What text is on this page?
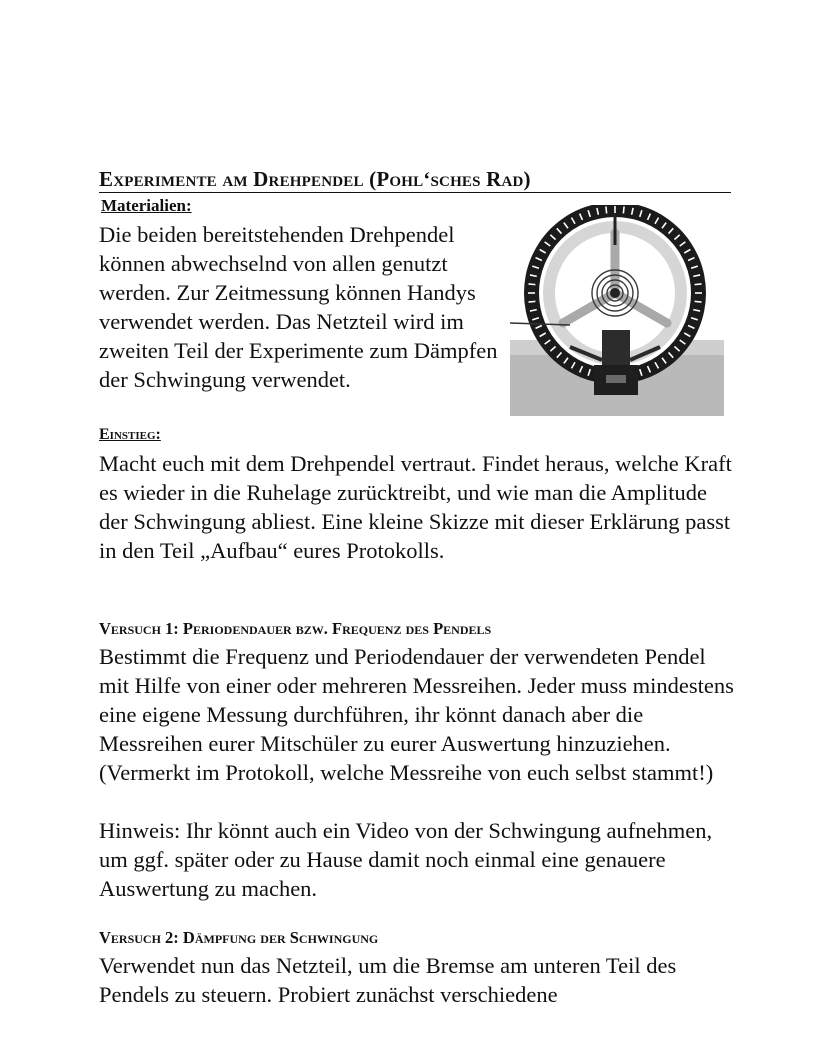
Experimente am Drehpendel (Pohl‘sches Rad)
Materialien:

Die beiden bereitstehenden Drehpendel können abwechselnd von allen genutzt werden. Zur Zeitmessung können Handys verwendet werden. Das Netzteil wird im zweiten Teil der Experimente zum Dämpfen der Schwingung verwendet.

Einstieg:

Macht euch mit dem Drehpendel vertraut. Findet heraus, welche Kraft es wieder in die Ruhelage zurücktreibt, und wie man die Amplitude der Schwingung abliest. Eine kleine Skizze mit dieser Erklärung passt in den Teil „Aufbau“ eures Protokolls.

Versuch 1: Periodendauer bzw. Frequenz des Pendels

Bestimmt die Frequenz und Periodendauer der verwendeten Pendel mit Hilfe von einer oder mehreren Messreihen. Jeder muss mindestens eine eigene Messung durchführen, ihr könnt danach aber die Messreihen eurer Mitschüler zu eurer Auswertung hinzuziehen. (Vermerkt im Protokoll, welche Messreihe von euch selbst stammt!)

Hinweis: Ihr könnt auch ein Video von der Schwingung aufnehmen, um ggf. später oder zu Hause damit noch einmal eine genauere Auswertung zu machen.

Versuch 2: Dämpfung der Schwingung

Verwendet nun das Netzteil, um die Bremse am unteren Teil des Pendels zu steuern. Probiert zunächst verschiedene
